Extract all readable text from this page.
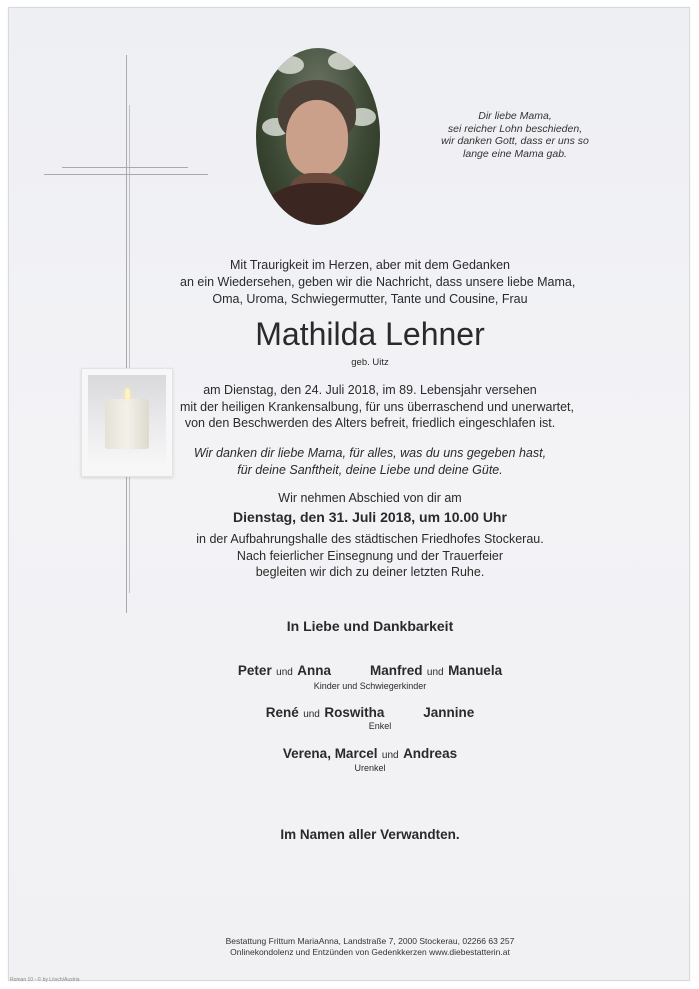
Dir liebe Mama,
sei reicher Lohn beschieden,
wir danken Gott, dass er uns so
lange eine Mama gab.
Mit Traurigkeit im Herzen, aber mit dem Gedanken
an ein Wiedersehen, geben wir die Nachricht, dass unsere liebe Mama,
Oma, Uroma, Schwiegermutter, Tante und Cousine, Frau
Mathilda Lehner
geb. Uitz
am Dienstag, den 24. Juli 2018, im 89. Lebensjahr versehen
mit der heiligen Krankensalbung, für uns überraschend und unerwartet,
von den Beschwerden des Alters befreit, friedlich eingeschlafen ist.
Wir danken dir liebe Mama, für alles, was du uns gegeben hast,
für deine Sanftheit, deine Liebe und deine Güte.
Wir nehmen Abschied von dir am
Dienstag, den 31. Juli 2018, um 10.00 Uhr
in der Aufbahrungshalle des städtischen Friedhofes Stockerau.
Nach feierlicher Einsegnung und der Trauerfeier
begleiten wir dich zu deiner letzten Ruhe.
In Liebe und Dankbarkeit
Peter und Anna	Manfred und Manuela
Kinder und Schwiegerkinder
René und Roswitha	Jannine
Enkel
Verena, Marcel und Andreas
Urenkel
Im Namen aller Verwandten.
Bestattung Frittum MariaAnna, Landstraße 7, 2000 Stockerau, 02266 63 257
Onlinekondolenz und Entzünden von Gedenkkerzen www.diebestatterin.at
Roman 10 - © by Lösch/Austria
